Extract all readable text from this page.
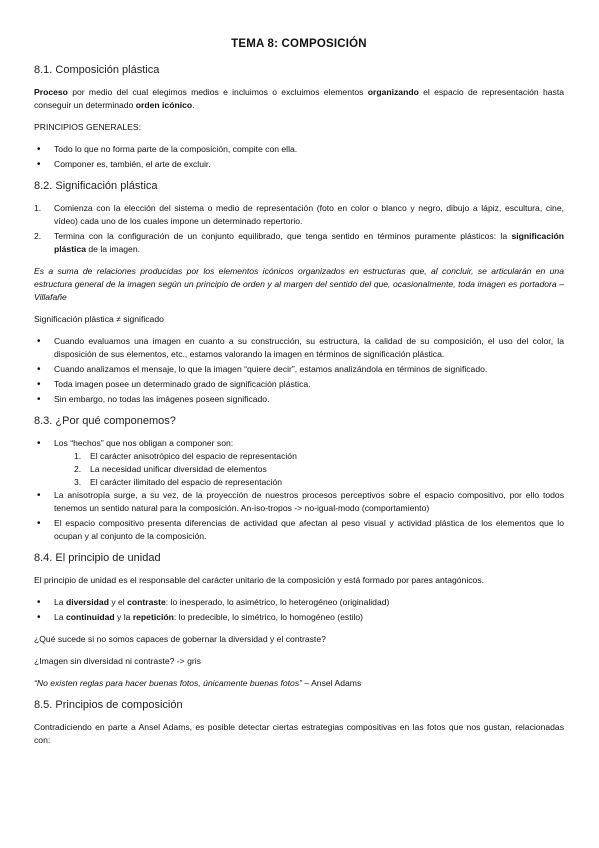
TEMA 8: COMPOSICIÓN
8.1. Composición plástica

Proceso por medio del cual elegimos medios e incluimos o excluimos elementos organizando el espacio de representación hasta conseguir un determinado orden icónico.

PRINCIPIOS GENERALES:

• Todo lo que no forma parte de la composición, compite con ella.
• Componer es, también, el arte de excluir.
8.2. Significación plástica
1. Comienza con la elección del sistema o medio de representación (foto en color o blanco y negro, dibujo a lápiz, escultura, cine, vídeo) cada uno de los cuales impone un determinado repertorio.
2. Termina con la configuración de un conjunto equilibrado, que tenga sentido en términos puramente plásticos: la significación plástica de la imagen.

Es a suma de relaciones producidas por los elementos icónicos organizados en estructuras que, al concluir, se articularán en una estructura general de la imagen según un principio de orden y al margen del sentido del que, ocasionalmente, toda imagen es portadora – Villafañe

Significación plástica ≠ significado

• Cuando evaluamos una imagen en cuanto a su construcción, su estructura, la calidad de su composición, el uso del color, la disposición de sus elementos, etc., estamos valorando la imagen en términos de significación plástica.
• Cuando analizamos el mensaje, lo que la imagen “quiere decir”, estamos analizándola en términos de significado.
• Toda imagen posee un determinado grado de significación plástica.
• Sin embargo, no todas las imágenes poseen significado.
8.3. ¿Por qué componemos?
• Los “hechos” que nos obligan a componer son:
1. El carácter anisotrópico del espacio de representación
2. La necesidad unificar diversidad de elementos
3. El carácter ilimitado del espacio de representación
• La anisotropía surge, a su vez, de la proyección de nuestros procesos perceptivos sobre el espacio compositivo, por ello todos tenemos un sentido natural para la composición. An-iso-tropos -> no-igual-modo (comportamiento)
• El espacio compositivo presenta diferencias de actividad que afectan al peso visual y actividad plástica de los elementos que lo ocupan y al conjunto de la composición.
8.4. El principio de unidad

El principio de unidad es el responsable del carácter unitario de la composición y está formado por pares antagónicos.

• La diversidad y el contraste: lo inesperado, lo asimétrico, lo heterogéneo (originalidad)
• La continuidad y la repetición: lo predecible, lo simétrico, lo homogéneo (estilo)

¿Qué sucede si no somos capaces de gobernar la diversidad y el contraste?

¿Imagen sin diversidad ni contraste? -> gris

“No existen reglas para hacer buenas fotos, únicamente buenas fotos” – Ansel Adams

8.5. Principios de composición

Contradiciendo en parte a Ansel Adams, es posible detectar ciertas estrategias compositivas en las fotos que nos gustan, relacionadas con:
